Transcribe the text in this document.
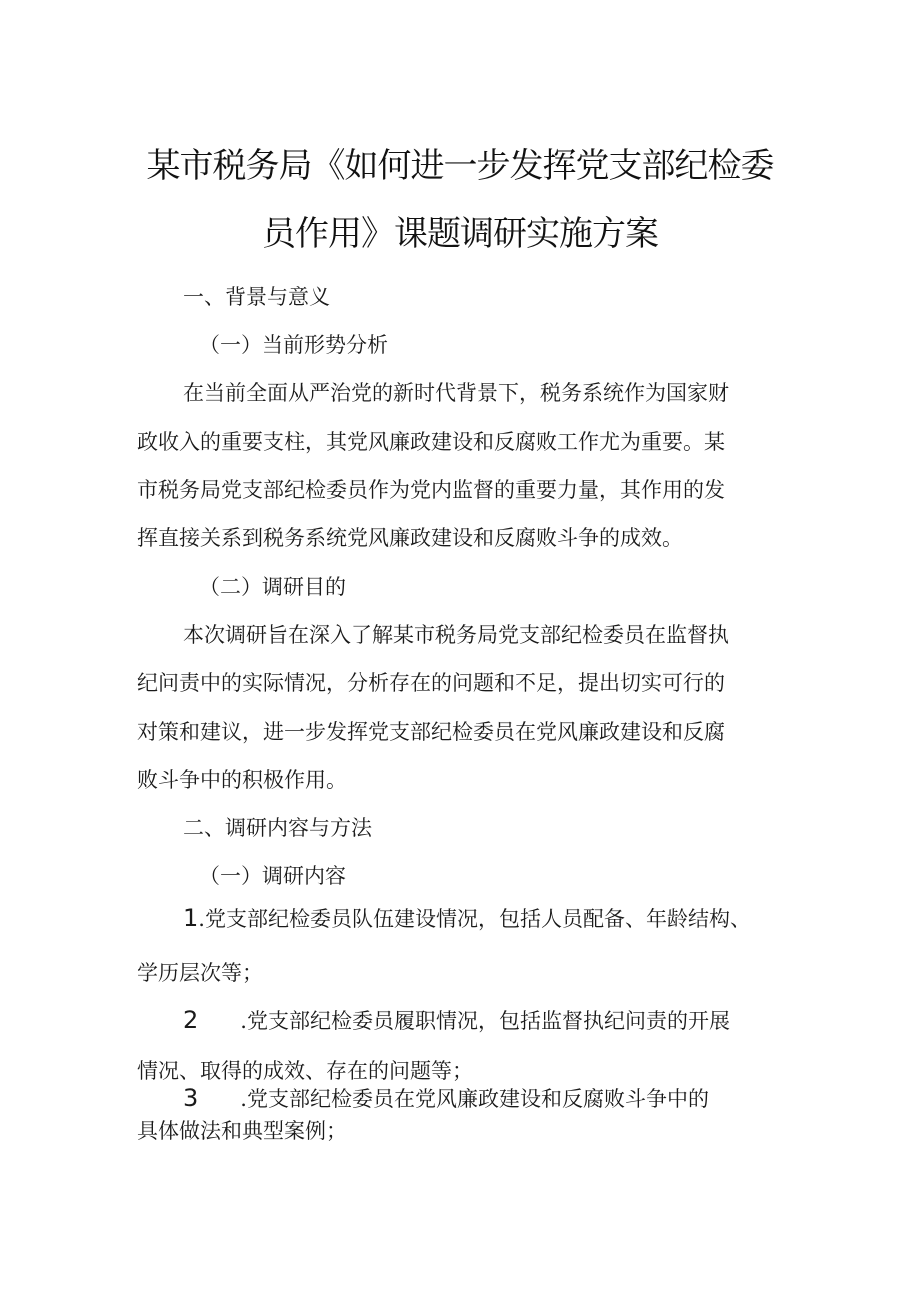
某市税务局《如何进一步发挥党支部纪检委
员作用》课题调研实施方案
一、背景与意义
（一）当前形势分析
在当前全面从严治党的新时代背景下，税务系统作为国家财
政收入的重要支柱，其党风廉政建设和反腐败工作尤为重要。某
市税务局党支部纪检委员作为党内监督的重要力量，其作用的发
挥直接关系到税务系统党风廉政建设和反腐败斗争的成效。
（二）调研目的
本次调研旨在深入了解某市税务局党支部纪检委员在监督执
纪问责中的实际情况，分析存在的问题和不足，提出切实可行的
对策和建议，进一步发挥党支部纪检委员在党风廉政建设和反腐
败斗争中的积极作用。
二、调研内容与方法
（一）调研内容
1.党支部纪检委员队伍建设情况，包括人员配备、年龄结构、
学历层次等；
2 .党支部纪检委员履职情况，包括监督执纪问责的开展
情况、取得的成效、存在的问题等；
3 .党支部纪检委员在党风廉政建设和反腐败斗争中的
具体做法和典型案例；
